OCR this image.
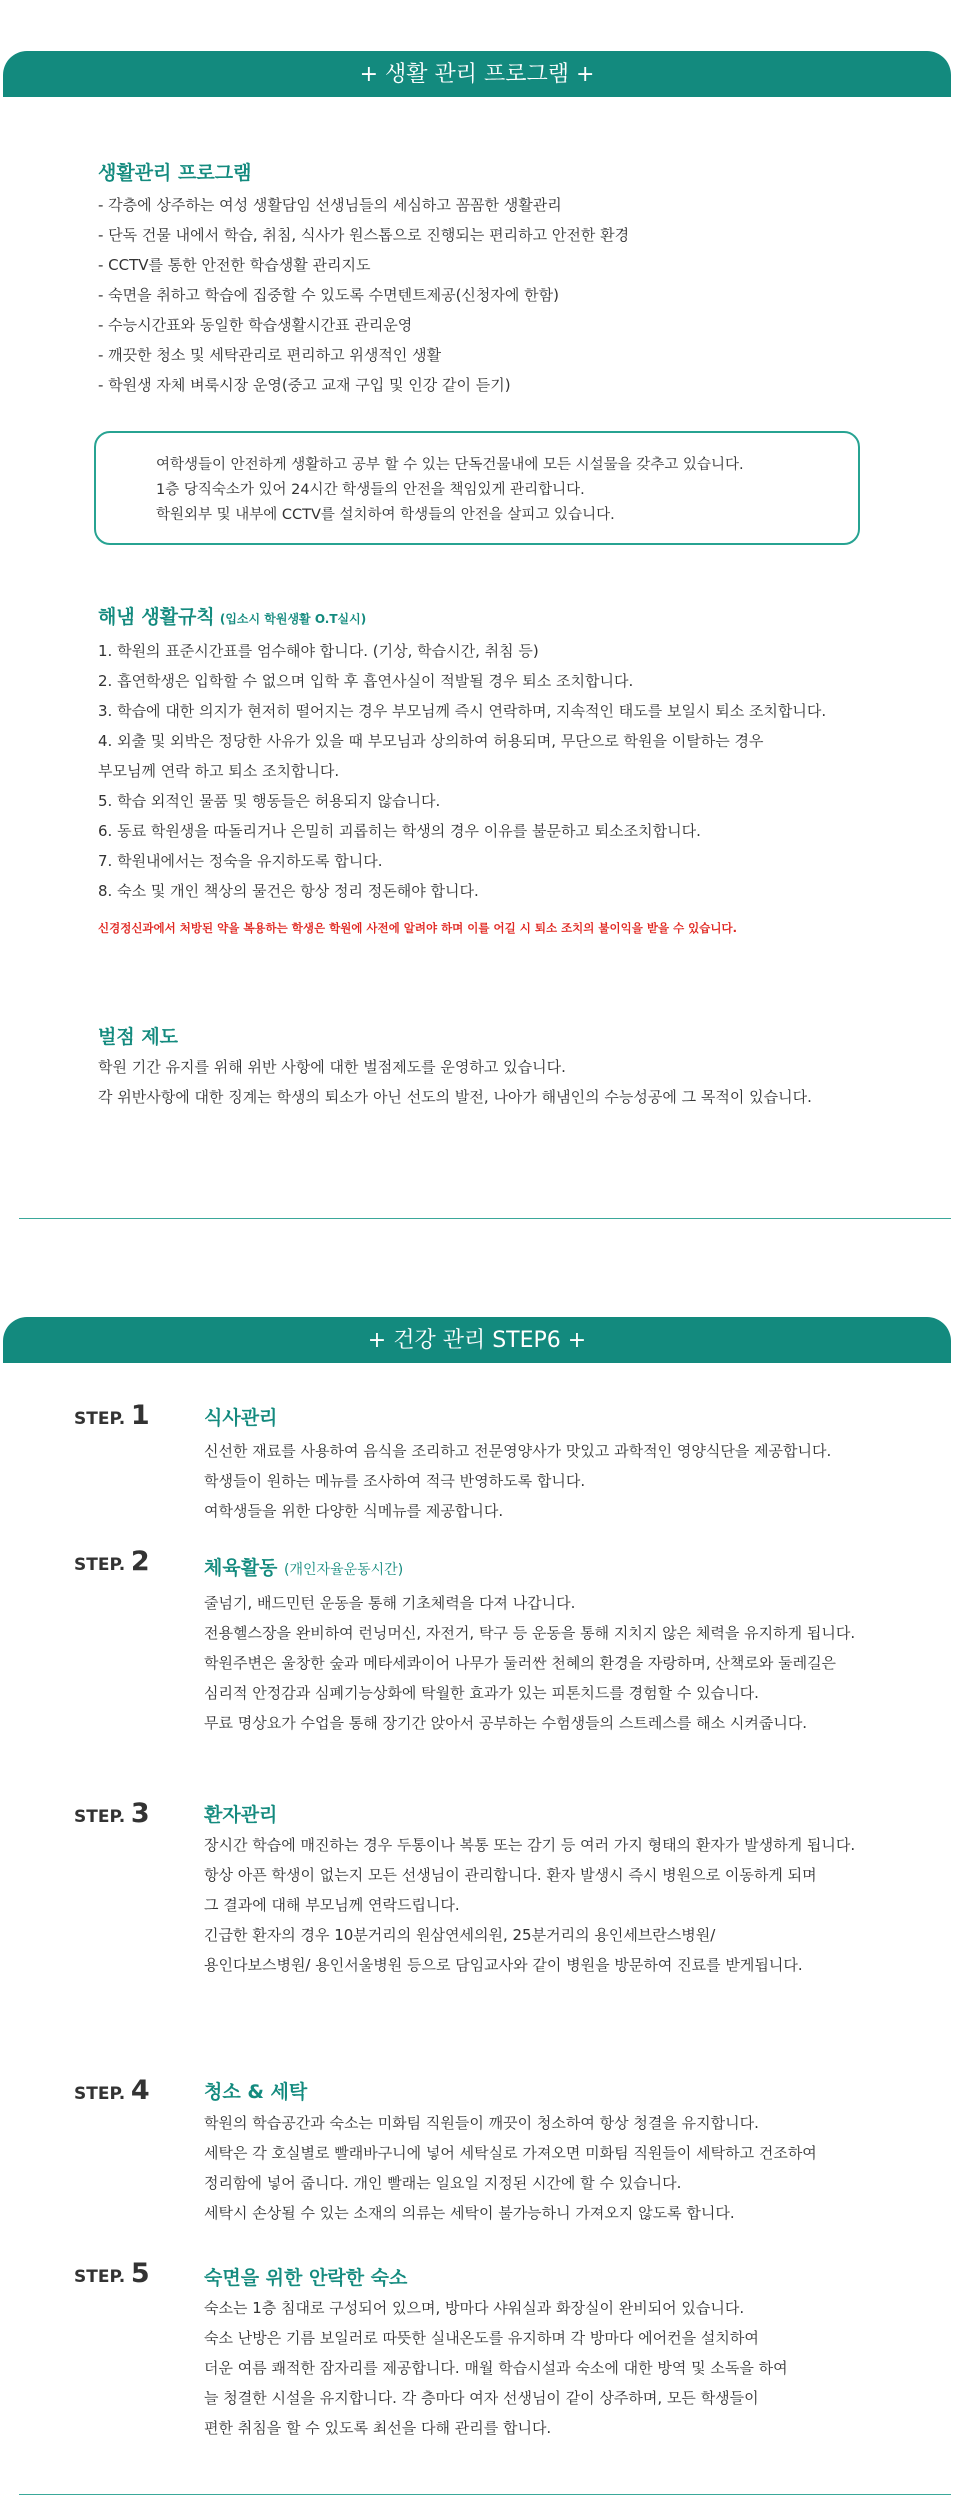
+ 생활 관리 프로그램 +
생활관리 프로그램
- 각층에 상주하는 여성 생활담임 선생님들의 세심하고 꼼꼼한 생활관리
- 단독 건물 내에서 학습, 취침, 식사가 원스톱으로 진행되는 편리하고 안전한 환경
- CCTV를 통한 안전한 학습생활 관리지도
- 숙면을 취하고 학습에 집중할 수 있도록 수면텐트제공(신청자에 한함)
- 수능시간표와 동일한 학습생활시간표 관리운영
- 깨끗한 청소 및 세탁관리로 편리하고 위생적인 생활
- 학원생 자체 벼룩시장 운영(중고 교재 구입 및 인강 같이 듣기)
여학생들이 안전하게 생활하고 공부 할 수 있는 단독건물내에 모든 시설물을 갖추고 있습니다.
1층 당직숙소가 있어 24시간 학생들의 안전을 책임있게 관리합니다.
학원외부 및 내부에 CCTV를 설치하여 학생들의 안전을 살피고 있습니다.
해냄 생활규칙 (입소시 학원생활 O.T실시)
1. 학원의 표준시간표를 엄수해야 합니다. (기상, 학습시간, 취침 등)
2. 흡연학생은 입학할 수 없으며 입학 후 흡연사실이 적발될 경우 퇴소 조치합니다.
3. 학습에 대한 의지가 현저히 떨어지는 경우 부모님께 즉시 연락하며, 지속적인 태도를 보일시 퇴소 조치합니다.
4. 외출 및 외박은 정당한 사유가 있을 때 부모님과 상의하여 허용되며, 무단으로 학원을 이탈하는 경우
부모님께 연락 하고 퇴소 조치합니다.
5. 학습 외적인 물품 및 행동들은 허용되지 않습니다.
6. 동료 학원생을 따돌리거나 은밀히 괴롭히는 학생의 경우 이유를 불문하고 퇴소조치합니다.
7. 학원내에서는 정숙을 유지하도록 합니다.
8. 숙소 및 개인 책상의 물건은 항상 정리 정돈해야 합니다.
신경정신과에서 처방된 약을 복용하는 학생은 학원에 사전에 알려야 하며 이를 어길 시 퇴소 조치의 불이익을 받을 수 있습니다.
벌점 제도
학원 기간 유지를 위해 위반 사항에 대한 벌점제도를 운영하고 있습니다.
각 위반사항에 대한 징계는 학생의 퇴소가 아닌 선도의 발전, 나아가 해냄인의 수능성공에 그 목적이 있습니다.
+ 건강 관리 STEP6 +
STEP. 1	식사관리
신선한 재료를 사용하여 음식을 조리하고 전문영양사가 맛있고 과학적인 영양식단을 제공합니다.
학생들이 원하는 메뉴를 조사하여 적극 반영하도록 합니다.
여학생들을 위한 다양한 식메뉴를 제공합니다.
STEP. 2	체육활동 (개인자율운동시간)
줄넘기, 배드민턴 운동을 통해 기초체력을 다져 나갑니다.
전용헬스장을 완비하여 런닝머신, 자전거, 탁구 등 운동을 통해 지치지 않은 체력을 유지하게 됩니다.
학원주변은 울창한 숲과 메타세콰이어 나무가 둘러싼 천혜의 환경을 자랑하며, 산책로와 둘레길은
심리적 안정감과 심폐기능상화에 탁월한 효과가 있는 피톤치드를 경험할 수 있습니다.
무료 명상요가 수업을 통해 장기간 앉아서 공부하는 수험생들의 스트레스를 해소 시켜줍니다.
STEP. 3	환자관리
장시간 학습에 매진하는 경우 두통이나 복통 또는 감기 등 여러 가지 형태의 환자가 발생하게 됩니다.
항상 아픈 학생이 없는지 모든 선생님이 관리합니다. 환자 발생시 즉시 병원으로 이동하게 되며
그 결과에 대해 부모님께 연락드립니다.
긴급한 환자의 경우 10분거리의 원삼연세의원, 25분거리의 용인세브란스병원/
용인다보스병원/ 용인서울병원 등으로 담임교사와 같이 병원을 방문하여 진료를 받게됩니다.
STEP. 4	청소 & 세탁
학원의 학습공간과 숙소는 미화팀 직원들이 깨끗이 청소하여 항상 청결을 유지합니다.
세탁은 각 호실별로 빨래바구니에 넣어 세탁실로 가져오면 미화팀 직원들이 세탁하고 건조하여
정리함에 넣어 줍니다. 개인 빨래는 일요일 지정된 시간에 할 수 있습니다.
세탁시 손상될 수 있는 소재의 의류는 세탁이 불가능하니 가져오지 않도록 합니다.
STEP. 5	숙면을 위한 안락한 숙소
숙소는 1층 침대로 구성되어 있으며, 방마다 샤워실과 화장실이 완비되어 있습니다.
숙소 난방은 기름 보일러로 따뜻한 실내온도를 유지하며 각 방마다 에어컨을 설치하여
더운 여름 쾌적한 잠자리를 제공합니다. 매월 학습시설과 숙소에 대한 방역 및 소독을 하여
늘 청결한 시설을 유지합니다. 각 층마다 여자 선생님이 같이 상주하며, 모든 학생들이
편한 취침을 할 수 있도록 최선을 다해 관리를 합니다.
